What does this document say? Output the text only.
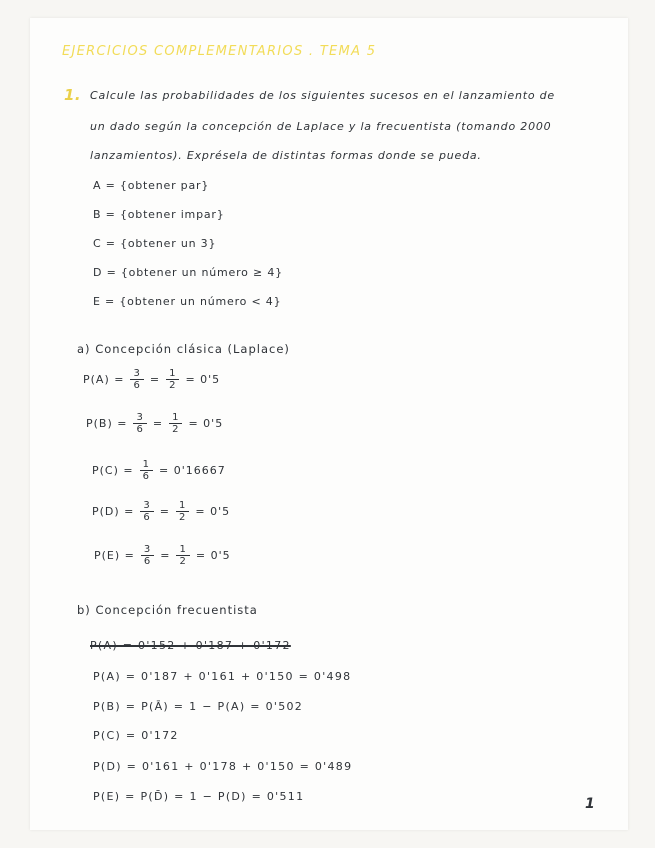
EJERCICIOS COMPLEMENTARIOS . TEMA 5
1. Calcule las probabilidades de los siguientes sucesos en el lanzamiento de
un dado según la concepción de Laplace y la frecuentista (tomando 2000
lanzamientos). Exprésela de distintas formas donde se pueda.
A = {obtener par}
B = {obtener impar}
C = {obtener un 3}
D = {obtener un número ≥ 4}
E = {obtener un número < 4}
a) Concepción clásica (Laplace)
$P(A) = \frac{3}{6} = \frac{1}{2} = 0'5$
$P(B) = \frac{3}{6} = \frac{1}{2} = 0'5$
$P(C) = \frac{1}{6} = 0'16667$
$P(D) = \frac{3}{6} = \frac{1}{2} = 0'5$
$P(E) = \frac{3}{6} = \frac{1}{2} = 0'5$
b) Concepción frecuentista
P(A) = 0'152 + 0'187 + 0'172
P(A) = 0'187 + 0'161 + 0'150 = 0'498
P(B) = P(Ā) = 1 − P(A) = 0'502
P(C) = 0'172
P(D) = 0'161 + 0'178 + 0'150 = 0'489
P(E) = P(D̄) = 1 − P(D) = 0'511	1
